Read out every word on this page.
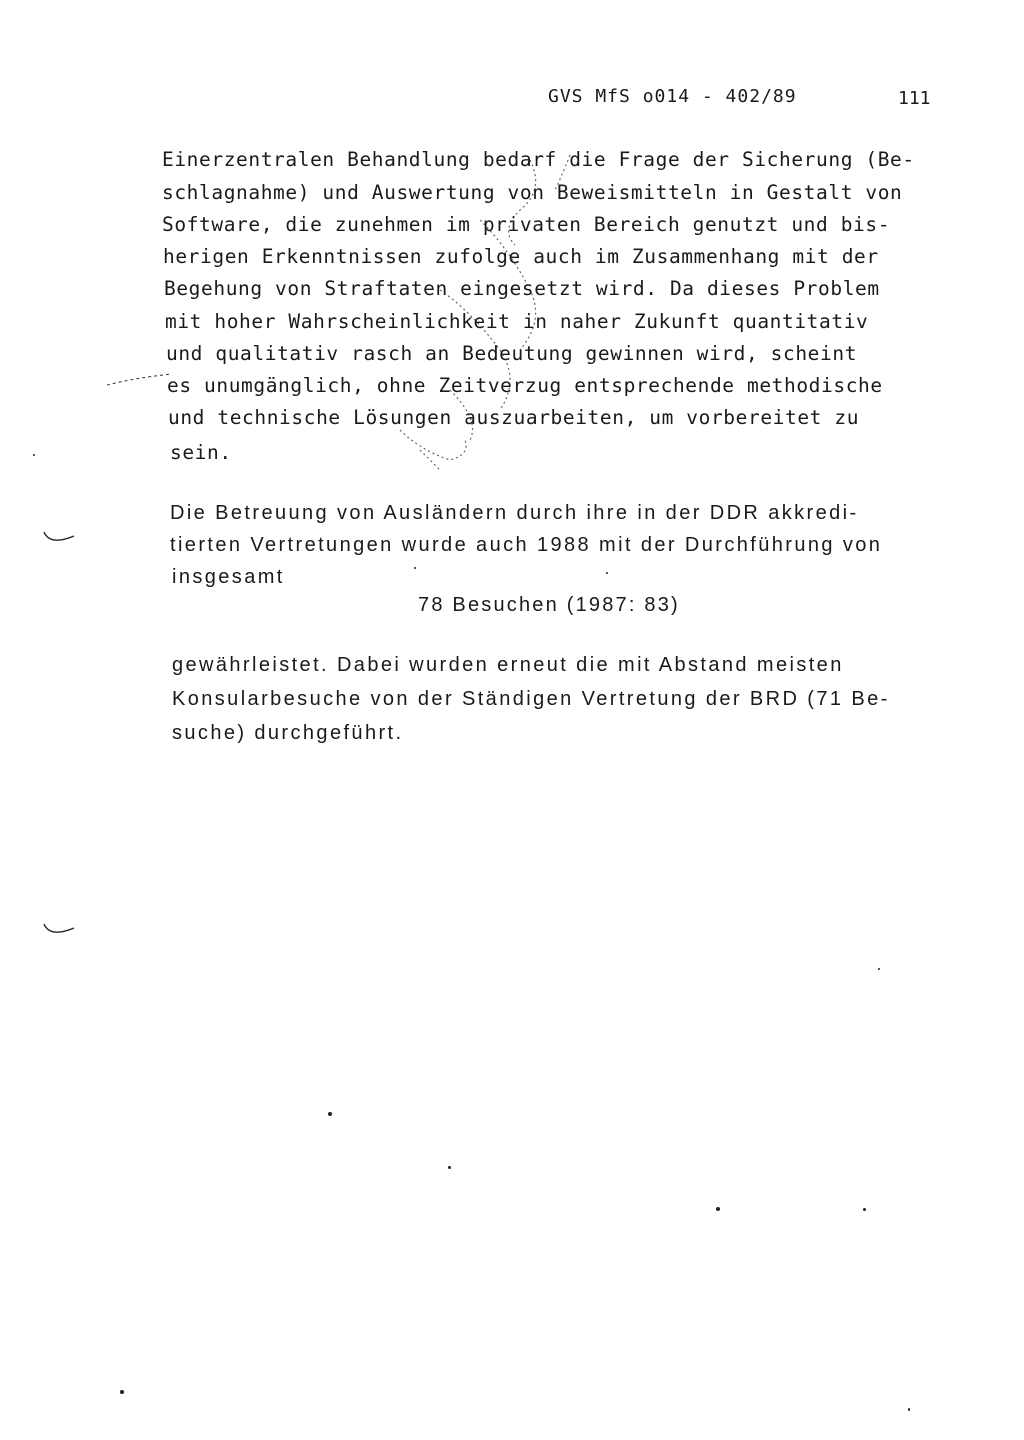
GVS MfS o014 - 402/89	111
Einerzentralen Behandlung bedarf die Frage der Sicherung (Be-
schlagnahme) und Auswertung von Beweismitteln in Gestalt von
Software, die zunehmen im privaten Bereich genutzt und bis-
herigen Erkenntnissen zufolge auch im Zusammenhang mit der
Begehung von Straftaten eingesetzt wird. Da dieses Problem
mit hoher Wahrscheinlichkeit in naher Zukunft quantitativ
und qualitativ rasch an Bedeutung gewinnen wird, scheint
es unumgänglich, ohne Zeitverzug entsprechende methodische
und technische Lösungen auszuarbeiten, um vorbereitet zu
sein.
Die Betreuung von Ausländern durch ihre in der DDR akkredi-
tierten Vertretungen wurde auch 1988 mit der Durchführung von
insgesamt
78 Besuchen (1987: 83)
gewährleistet. Dabei wurden erneut die mit Abstand meisten
Konsularbesuche von der Ständigen Vertretung der BRD (71 Be-
suche) durchgeführt.
